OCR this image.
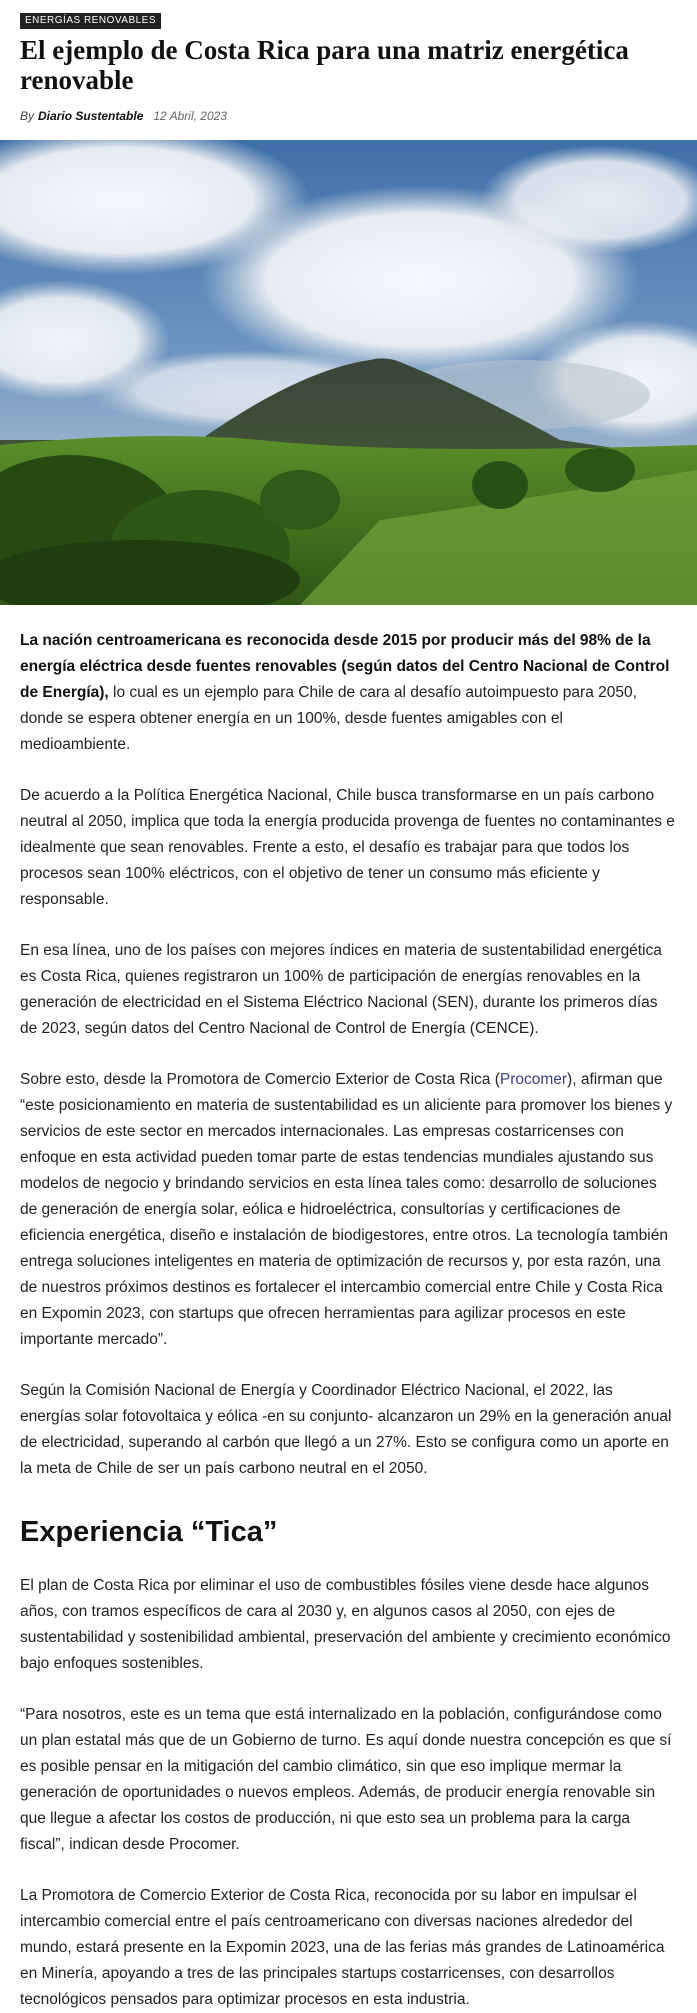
ENERGÍAS RENOVABLES
El ejemplo de Costa Rica para una matriz energética renovable
By Diario Sustentable 12 Abril, 2023

La nación centroamericana es reconocida desde 2015 por producir más del 98% de la energía eléctrica desde fuentes renovables (según datos del Centro Nacional de Control de Energía), lo cual es un ejemplo para Chile de cara al desafío autoimpuesto para 2050, donde se espera obtener energía en un 100%, desde fuentes amigables con el medioambiente.

De acuerdo a la Política Energética Nacional, Chile busca transformarse en un país carbono neutral al 2050, implica que toda la energía producida provenga de fuentes no contaminantes e idealmente que sean renovables. Frente a esto, el desafío es trabajar para que todos los procesos sean 100% eléctricos, con el objetivo de tener un consumo más eficiente y responsable.

En esa línea, uno de los países con mejores índices en materia de sustentabilidad energética es Costa Rica, quienes registraron un 100% de participación de energías renovables en la generación de electricidad en el Sistema Eléctrico Nacional (SEN), durante los primeros días de 2023, según datos del Centro Nacional de Control de Energía (CENCE).

Sobre esto, desde la Promotora de Comercio Exterior de Costa Rica (Procomer), afirman que “este posicionamiento en materia de sustentabilidad es un aliciente para promover los bienes y servicios de este sector en mercados internacionales. Las empresas costarricenses con enfoque en esta actividad pueden tomar parte de estas tendencias mundiales ajustando sus modelos de negocio y brindando servicios en esta línea tales como: desarrollo de soluciones de generación de energía solar, eólica e hidroeléctrica, consultorías y certificaciones de eficiencia energética, diseño e instalación de biodigestores, entre otros. La tecnología también entrega soluciones inteligentes en materia de optimización de recursos y, por esta razón, una de nuestros próximos destinos es fortalecer el intercambio comercial entre Chile y Costa Rica en Expomin 2023, con startups que ofrecen herramientas para agilizar procesos en este importante mercado”.

Según la Comisión Nacional de Energía y Coordinador Eléctrico Nacional, el 2022, las energías solar fotovoltaica y eólica -en su conjunto- alcanzaron un 29% en la generación anual de electricidad, superando al carbón que llegó a un 27%. Esto se configura como un aporte en la meta de Chile de ser un país carbono neutral en el 2050.

Experiencia “Tica”

El plan de Costa Rica por eliminar el uso de combustibles fósiles viene desde hace algunos años, con tramos específicos de cara al 2030 y, en algunos casos al 2050, con ejes de sustentabilidad y sostenibilidad ambiental, preservación del ambiente y crecimiento económico bajo enfoques sostenibles.

“Para nosotros, este es un tema que está internalizado en la población, configurándose como un plan estatal más que de un Gobierno de turno. Es aquí donde nuestra concepción es que sí es posible pensar en la mitigación del cambio climático, sin que eso implique mermar la generación de oportunidades o nuevos empleos. Además, de producir energía renovable sin que llegue a afectar los costos de producción, ni que esto sea un problema para la carga fiscal”, indican desde Procomer.

La Promotora de Comercio Exterior de Costa Rica, reconocida por su labor en impulsar el intercambio comercial entre el país centroamericano con diversas naciones alrededor del mundo, estará presente en la Expomin 2023, una de las ferias más grandes de Latinoamérica en Minería, apoyando a tres de las principales startups costarricenses, con desarrollos tecnológicos pensados para optimizar procesos en esta industria.
